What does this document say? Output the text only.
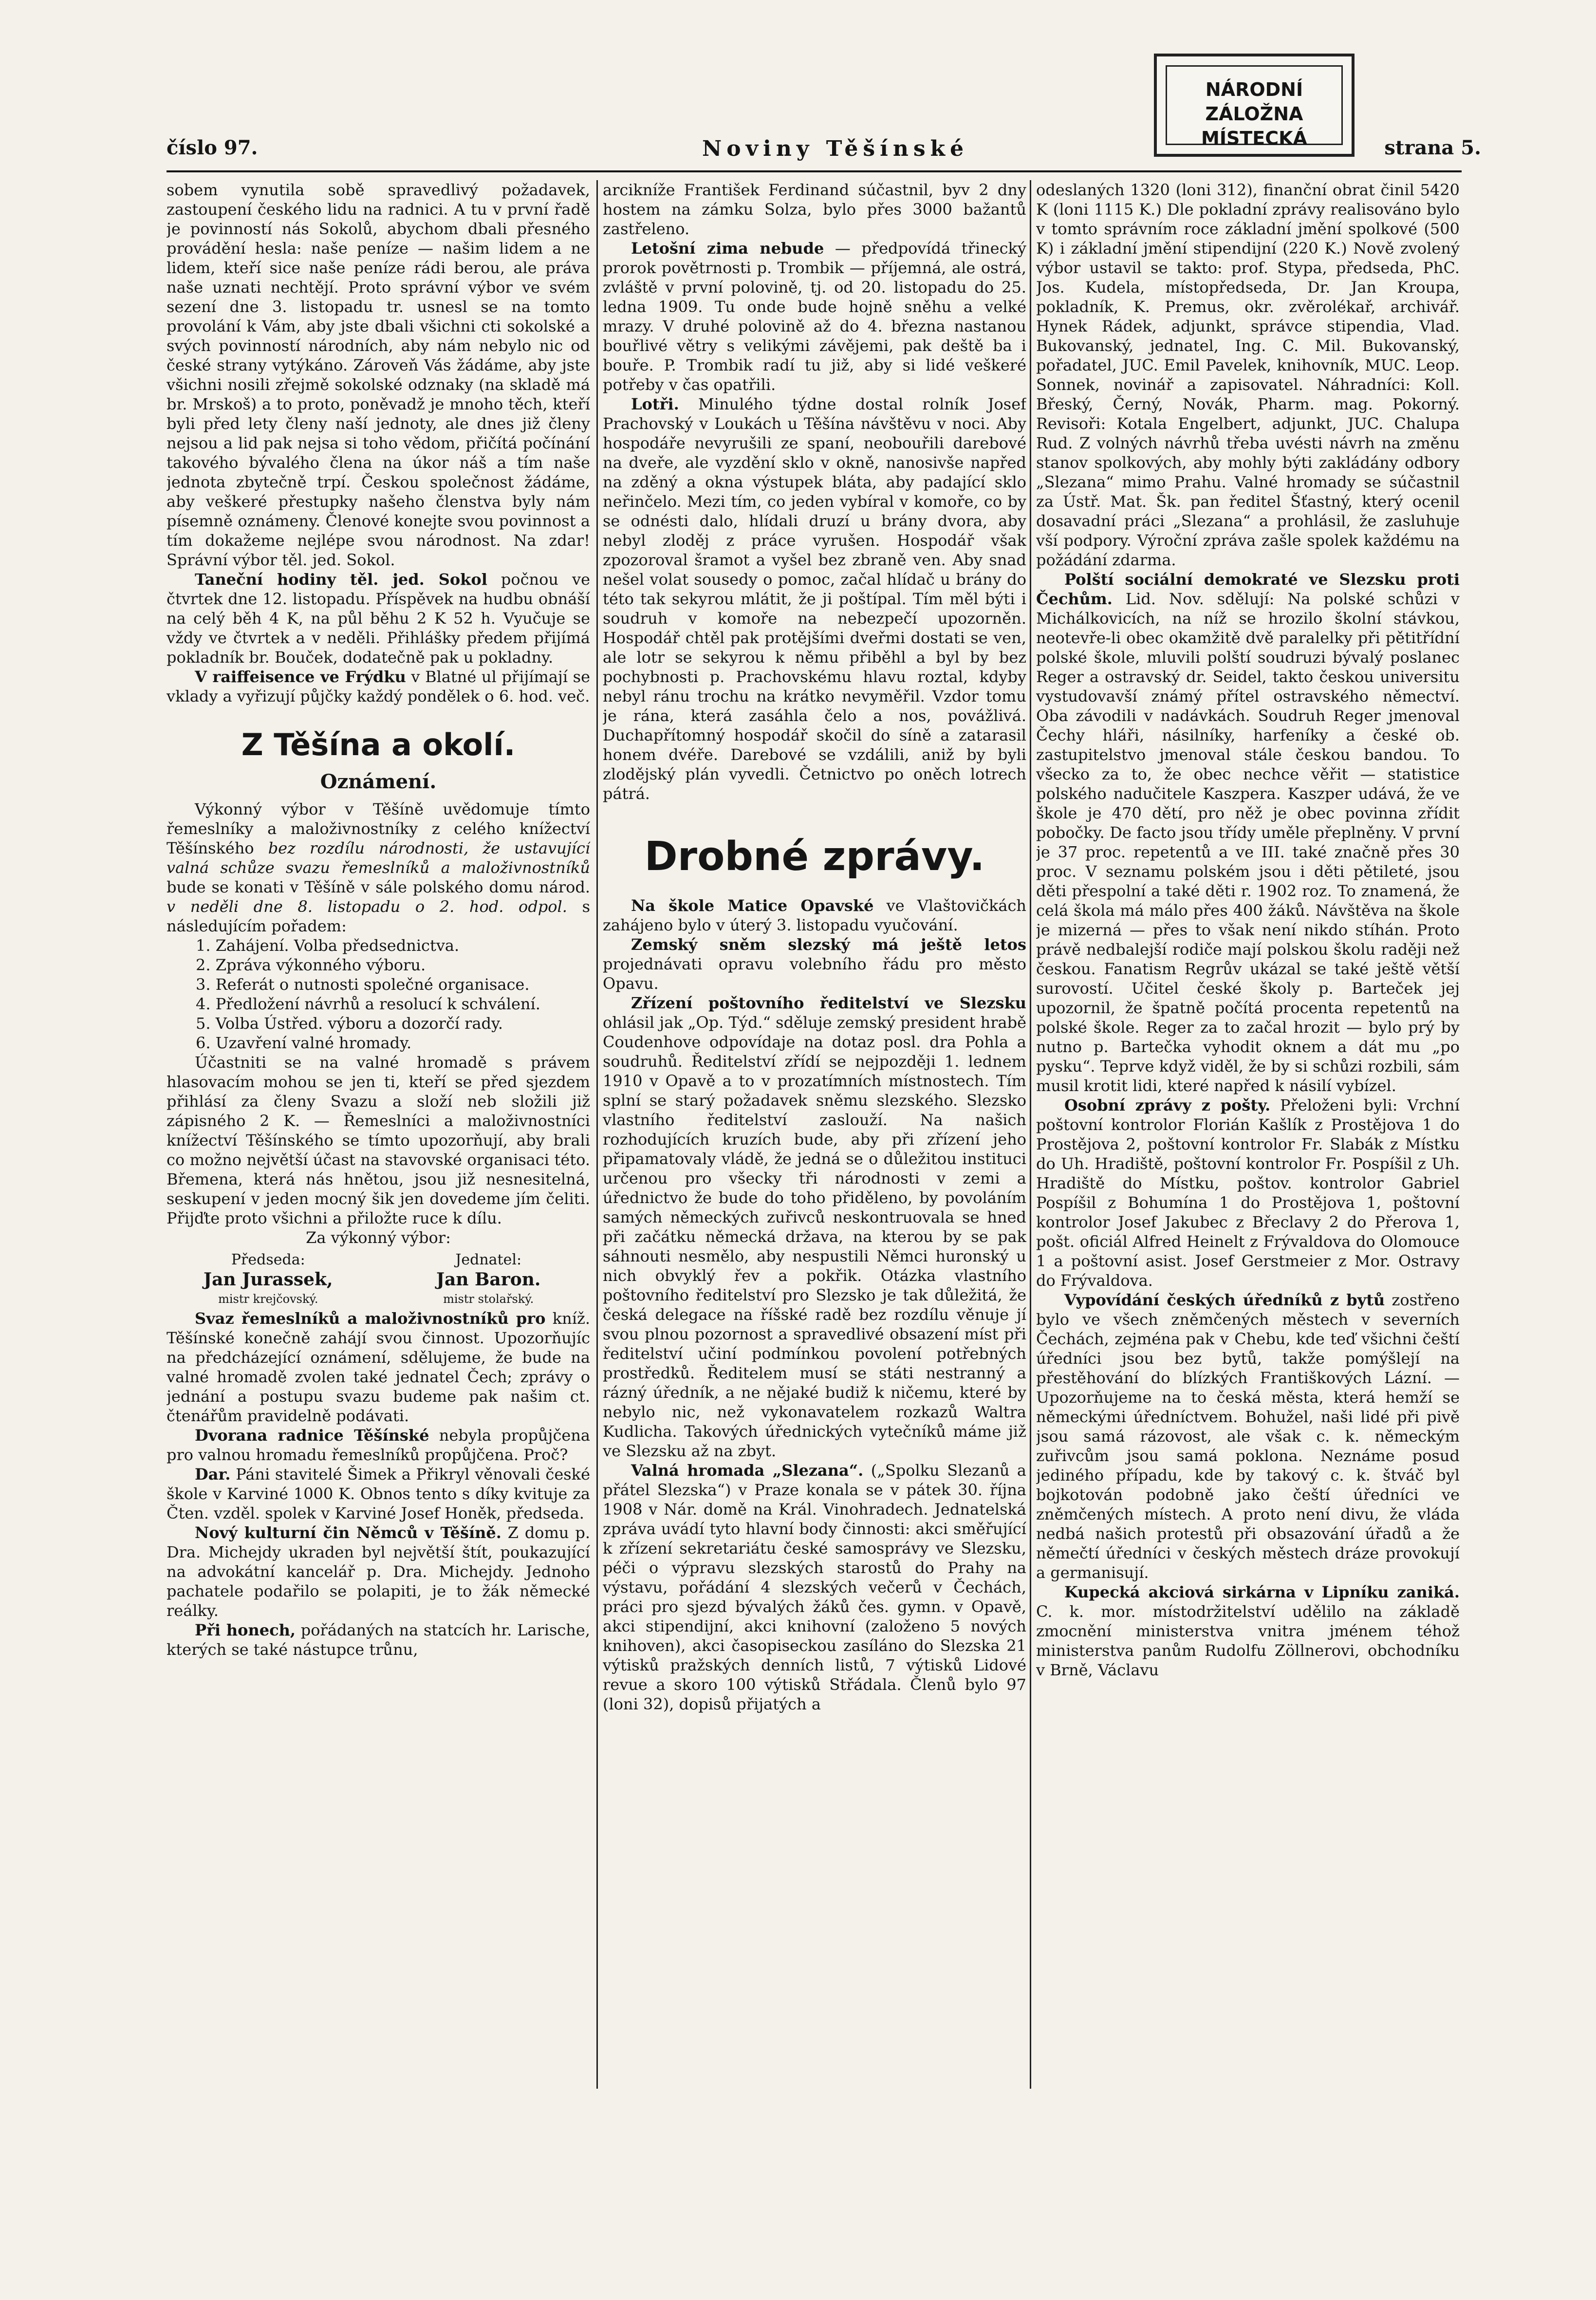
NÁRODNÍ ZÁLOŽNA
MÍSTECKÁ
číslo 97.	Noviny Těšínské	strana 5.

sobem vynutila sobě spravedlivý požadavek, zastoupení českého lidu na radnici. A tu v první řadě je povinností nás Sokolů, abychom dbali přesného provádění hesla: naše peníze — našim lidem a ne lidem, kteří sice naše peníze rádi berou, ale práva naše uznati nechtějí. Proto správní výbor ve svém sezení dne 3. listopadu tr. usnesl se na tomto provolání k Vám, aby jste dbali všichni cti sokolské a svých povinností národních, aby nám nebylo nic od české strany vytýkáno. Zároveň Vás žádáme, aby jste všichni nosili zřejmě sokolské odznaky (na skladě má br. Mrskoš) a to proto, poněvadž je mnoho těch, kteří byli před lety členy naší jednoty, ale dnes již členy nejsou a lid pak nejsa si toho vědom, přičítá počínání takového bývalého člena na úkor náš a tím naše jednota zbytečně trpí. Českou společnost žádáme, aby veškeré přestupky našeho členstva byly nám písemně oznámeny. Členové konejte svou povinnost a tím dokažeme nejlépe svou národnost. Na zdar! Správní výbor těl. jed. Sokol.

Taneční hodiny těl. jed. Sokol počnou ve čtvrtek dne 12. listopadu. Příspěvek na hudbu obnáší na celý běh 4 K, na půl běhu 2 K 52 h. Vyučuje se vždy ve čtvrtek a v neděli. Přihlášky předem přijímá pokladník br. Bouček, dodatečně pak u pokladny.

V raiffeisence ve Frýdku v Blatné ul přijímají se vklady a vyřizují půjčky každý pondělek o 6. hod. več.

Z Těšína a okolí.
Oznámení.

Výkonný výbor v Těšíně uvědomuje tímto řemeslníky a maloživnostníky z celého knížectví Těšínského bez rozdílu národnosti, že ustavující valná schůze svazu řemeslníků a maloživnostníků bude se konati v Těšíně v sále polského domu národ. v neděli dne 8. listopadu o 2. hod. odpol. s následujícím pořadem:

1. Zahájení. Volba předsednictva.
2. Zpráva výkonného výboru.
3. Referát o nutnosti společné organisace.
4. Předložení návrhů a resolucí k schválení.
5. Volba Ústřed. výboru a dozorčí rady.
6. Uzavření valné hromady.

Účastniti se na valné hromadě s právem hlasovacím mohou se jen ti, kteří se před sjezdem přihlásí za členy Svazu a složí neb složili již zápisného 2 K. — Řemeslníci a maloživnostníci knížectví Těšínského se tímto upozorňují, aby brali co možno největší účast na stavovské organisaci této. Břemena, která nás hnětou, jsou již nesnesitelná, seskupení v jeden mocný šik jen dovedeme jím čeliti. Přijďte proto všichni a přiložte ruce k dílu.

Za výkonný výbor:

Předseda:
Jan Jurassek,
mistr krejčovský.
Jednatel:
Jan Baron.
mistr stolařský.

Svaz řemeslníků a maloživnostníků pro kníž. Těšínské konečně zahájí svou činnost. Upozorňujíc na předcházející oznámení, sdělujeme, že bude na valné hromadě zvolen také jednatel Čech; zprávy o jednání a postupu svazu budeme pak našim ct. čtenářům pravidelně podávati.

Dvorana radnice Těšínské nebyla propůjčena pro valnou hromadu řemeslníků propůjčena. Proč?

Dar. Páni stavitelé Šimek a Přikryl věnovali české škole v Karviné 1000 K. Obnos tento s díky kvituje za Čten. vzděl. spolek v Karviné Josef Honěk, předseda.

Nový kulturní čin Němců v Těšíně. Z domu p. Dra. Michejdy ukraden byl největší štít, poukazující na advokátní kancelář p. Dra. Michejdy. Jednoho pachatele podařilo se polapiti, je to žák německé reálky.

Při honech, pořádaných na statcích hr. Larische, kterých se také nástupce trůnu,

arcikníže František Ferdinand súčastnil, byv 2 dny hostem na zámku Solza, bylo přes 3000 bažantů zastřeleno.

Letošní zima nebude — předpovídá třinecký prorok povětrnosti p. Trombik — příjemná, ale ostrá, zvláště v první polovině, tj. od 20. listopadu do 25. ledna 1909. Tu onde bude hojně sněhu a velké mrazy. V druhé polovině až do 4. března nastanou bouřlivé větry s velikými závějemi, pak deště ba i bouře. P. Trombik radí tu již, aby si lidé veškeré potřeby v čas opatřili.

Lotři. Minulého týdne dostal rolník Josef Prachovský v Loukách u Těšína návštěvu v noci. Aby hospodáře nevyrušili ze spaní, neobouřili darebové na dveře, ale vyzdění sklo v okně, nanosivše napřed na zděný a okna výstupek bláta, aby padající sklo neřinčelo. Mezi tím, co jeden vybíral v komoře, co by se odnésti dalo, hlídali druzí u brány dvora, aby nebyl zloděj z práce vyrušen. Hospodář však zpozoroval šramot a vyšel bez zbraně ven. Aby snad nešel volat sousedy o pomoc, začal hlídač u brány do této tak sekyrou mlátit, že ji poštípal. Tím měl býti i soudruh v komoře na nebezpečí upozorněn. Hospodář chtěl pak protějšími dveřmi dostati se ven, ale lotr se sekyrou k němu přiběhl a byl by bez pochybnosti p. Prachovskému hlavu roztal, kdyby nebyl ránu trochu na krátko nevyměřil. Vzdor tomu je rána, která zasáhla čelo a nos, povážlivá. Duchapřítomný hospodář skočil do síně a zatarasil honem dvéře. Darebové se vzdálili, aniž by byli zlodějský plán vyvedli. Četnictvo po oněch lotrech pátrá.

Drobné zprávy.

Na škole Matice Opavské ve Vlaštovičkách zahájeno bylo v úterý 3. listopadu vyučování.

Zemský sněm slezský má ještě letos projednávati opravu volebního řádu pro město Opavu.

Zřízení poštovního ředitelství ve Slezsku ohlásil jak „Op. Týd.“ sděluje zemský president hrabě Coudenhove odpovídaje na dotaz posl. dra Pohla a soudruhů. Ředitelství zřídí se nejpozději 1. lednem 1910 v Opavě a to v prozatímních místnostech. Tím splní se starý požadavek sněmu slezského. Slezsko vlastního ředitelství zaslouží. Na našich rozhodujících kruzích bude, aby při zřízení jeho připamatovaly vládě, že jedná se o důležitou instituci určenou pro všecky tři národnosti v zemi a úřednictvo že bude do toho přiděleno, by povoláním samých německých zuřivců neskontruovala se hned při začátku německá država, na kterou by se pak sáhnouti nesmělo, aby nespustili Němci huronský u nich obvyklý řev a pokřik. Otázka vlastního poštovního ředitelství pro Slezsko je tak důležitá, že česká delegace na říšské radě bez rozdílu věnuje jí svou plnou pozornost a spravedlivé obsazení míst při ředitelství učiní podmínkou povolení potřebných prostředků. Ředitelem musí se státi nestranný a rázný úředník, a ne nějaké budiž k ničemu, které by nebylo nic, než vykonavatelem rozkazů Waltra Kudlicha. Takových úřednických vytečníků máme již ve Slezsku až na zbyt.

Valná hromada „Slezana“. („Spolku Slezanů a přátel Slezska“) v Praze konala se v pátek 30. října 1908 v Nár. domě na Král. Vinohradech. Jednatelská zpráva uvádí tyto hlavní body činnosti: akci směřující k zřízení sekretariátu české samosprávy ve Slezsku, péči o výpravu slezských starostů do Prahy na výstavu, pořádání 4 slezských večerů v Čechách, práci pro sjezd bývalých žáků čes. gymn. v Opavě, akci stipendijní, akci knihovní (založeno 5 nových knihoven), akci časopiseckou zasíláno do Slezska 21 výtisků pražských denních listů, 7 výtisků Lidové revue a skoro 100 výtisků Střádala. Členů bylo 97 (loni 32), dopisů přijatých a

odeslaných 1320 (loni 312), finanční obrat činil 5420 K (loni 1115 K.) Dle pokladní zprávy realisováno bylo v tomto správním roce základní jmění spolkové (500 K) i základní jmění stipendijní (220 K.) Nově zvolený výbor ustavil se takto: prof. Stypa, předseda, PhC. Jos. Kudela, místopředseda, Dr. Jan Kroupa, pokladník, K. Premus, okr. zvěrolékař, archivář. Hynek Rádek, adjunkt, správce stipendia, Vlad. Bukovanský, jednatel, Ing. C. Mil. Bukovanský, pořadatel, JUC. Emil Pavelek, knihovník, MUC. Leop. Sonnek, novinář a zapisovatel. Náhradníci: Koll. Břeský, Černý, Novák, Pharm. mag. Pokorný. Revisoři: Kotala Engelbert, adjunkt, JUC. Chalupa Rud. Z volných návrhů třeba uvésti návrh na změnu stanov spolkových, aby mohly býti zakládány odbory „Slezana“ mimo Prahu. Valné hromady se súčastnil za Ústř. Mat. Šk. pan ředitel Šťastný, který ocenil dosavadní práci „Slezana“ a prohlásil, že zasluhuje vší podpory. Výroční zpráva zašle spolek každému na požádání zdarma.

Polští sociální demokraté ve Slezsku proti Čechům. Lid. Nov. sdělují: Na polské schůzi v Michálkovicích, na níž se hrozilo školní stávkou, neotevře-li obec okamžitě dvě paralelky při pětitřídní polské škole, mluvili polští soudruzi bývalý poslanec Reger a ostravský dr. Seidel, takto českou universitu vystudovavší známý přítel ostravského němectví. Oba závodili v nadávkách. Soudruh Reger jmenoval Čechy hláři, násilníky, harfeníky a české ob. zastupitelstvo jmenoval stále českou bandou. To všecko za to, že obec nechce věřit — statistice polského nadučitele Kaszpera. Kaszper udává, že ve škole je 470 dětí, pro něž je obec povinna zřídit pobočky. De facto jsou třídy uměle přeplněny. V první je 37 proc. repetentů a ve III. také značně přes 30 proc. V seznamu polském jsou i děti pětileté, jsou děti přespolní a také děti r. 1902 roz. To znamená, že celá škola má málo přes 400 žáků. Návštěva na škole je mizerná — přes to však není nikdo stíhán. Proto právě nedbalejší rodiče mají polskou školu raději než českou. Fanatism Regrův ukázal se také ještě větší surovostí. Učitel české školy p. Barteček jej upozornil, že špatně počítá procenta repetentů na polské škole. Reger za to začal hrozit — bylo prý by nutno p. Bartečka vyhodit oknem a dát mu „po pysku“. Teprve když viděl, že by si schůzi rozbili, sám musil krotit lidi, které napřed k násilí vybízel.

Osobní zprávy z pošty. Přeloženi byli: Vrchní poštovní kontrolor Florián Kašlík z Prostějova 1 do Prostějova 2, poštovní kontrolor Fr. Slabák z Místku do Uh. Hradiště, poštovní kontrolor Fr. Pospíšil z Uh. Hradiště do Místku, poštov. kontrolor Gabriel Pospíšil z Bohumína 1 do Prostějova 1, poštovní kontrolor Josef Jakubec z Břeclavy 2 do Přerova 1, pošt. oficiál Alfred Heinelt z Frývaldova do Olomouce 1 a poštovní asist. Josef Gerstmeier z Mor. Ostravy do Frývaldova.

Vypovídání českých úředníků z bytů zostřeno bylo ve všech zněmčených městech v severních Čechách, zejména pak v Chebu, kde teď všichni čeští úředníci jsou bez bytů, takže pomýšlejí na přestěhování do blízkých Františkových Lázní. — Upozorňujeme na to česká města, která hemží se německými úředníctvem. Bohužel, naši lidé při pivě jsou samá rázovost, ale však c. k. německým zuřivcům jsou samá poklona. Neznáme posud jediného případu, kde by takový c. k. štváč byl bojkotován podobně jako čeští úředníci ve zněmčených místech. A proto není divu, že vláda nedbá našich protestů při obsazování úřadů a že němečtí úředníci v českých městech dráze provokují a germanisují.

Kupecká akciová sirkárna v Lipníku zaniká. C. k. mor. místodržitelství udělilo na základě zmocnění ministerstva vnitra jménem téhož ministerstva panům Rudolfu Zöllnerovi, obchodníku v Brně, Václavu
